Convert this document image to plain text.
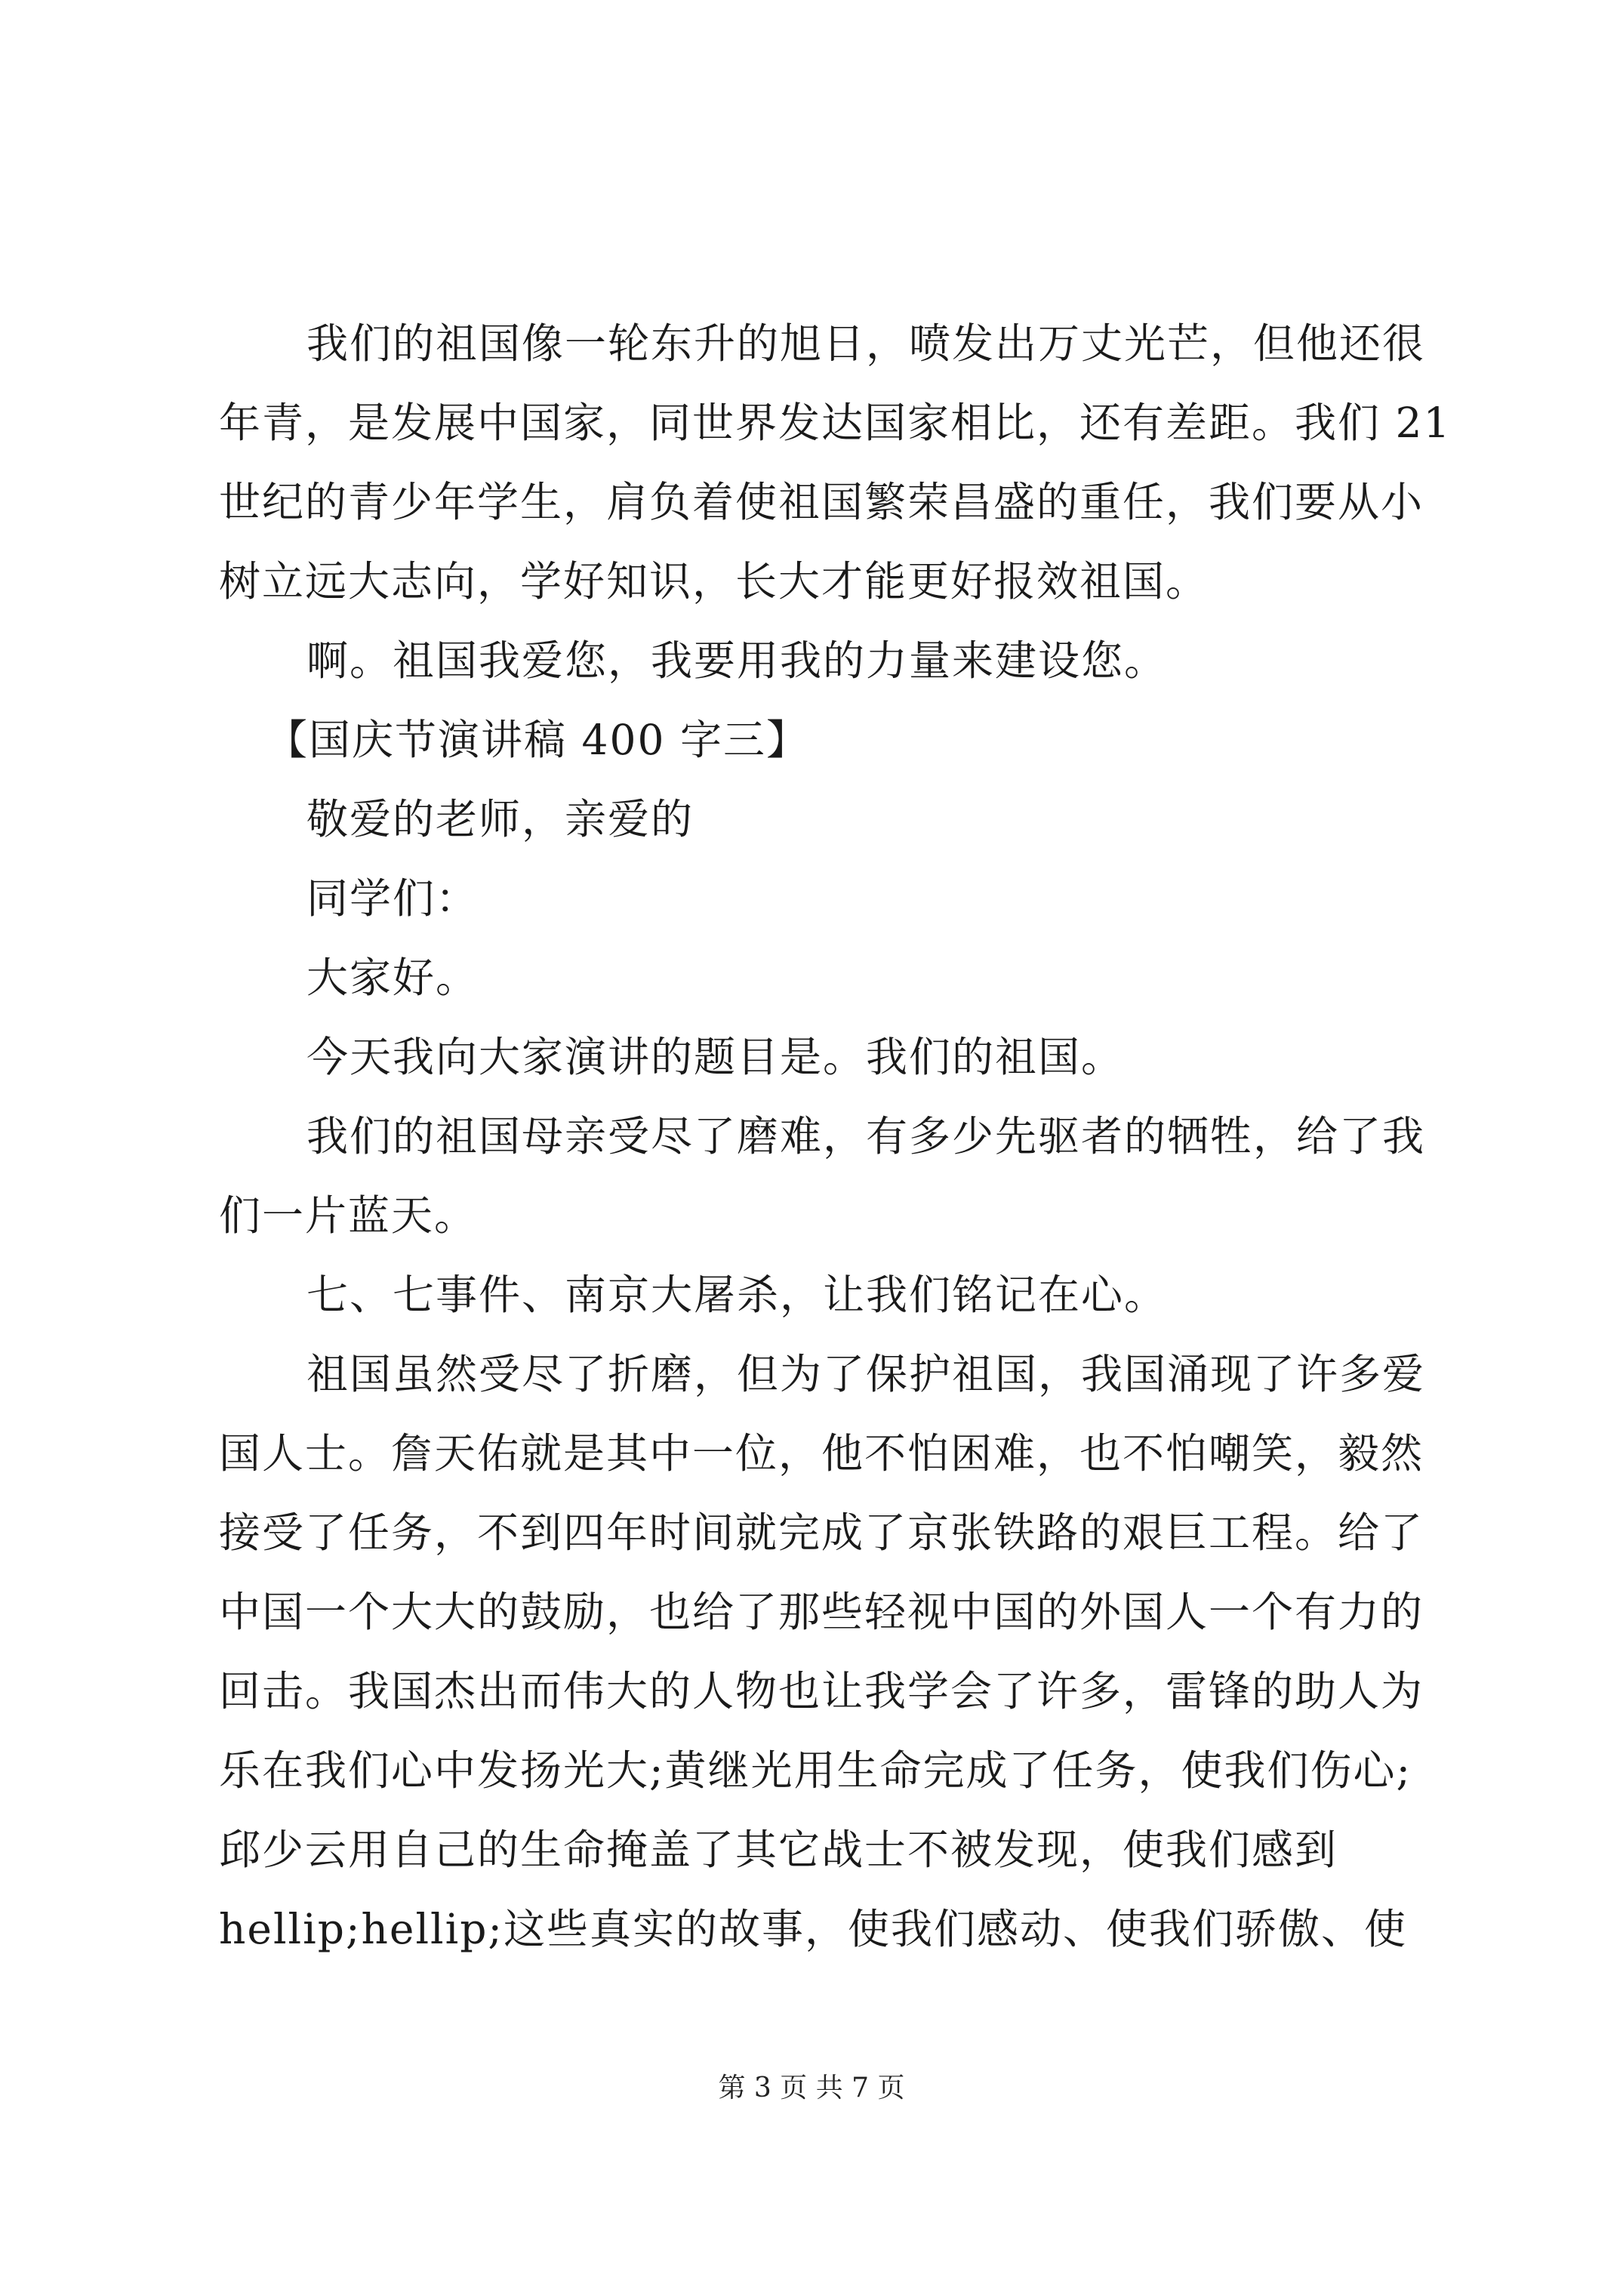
我们的祖国像一轮东升的旭日，喷发出万丈光芒，但他还很
年青，是发展中国家，同世界发达国家相比，还有差距。我们 21
世纪的青少年学生，肩负着使祖国繁荣昌盛的重任，我们要从小
树立远大志向，学好知识，长大才能更好报效祖国。
啊。祖国我爱您，我要用我的力量来建设您。
【国庆节演讲稿 400 字三】
敬爱的老师，亲爱的
同学们：
大家好。
今天我向大家演讲的题目是。我们的祖国。
我们的祖国母亲受尽了磨难，有多少先驱者的牺牲，给了我
们一片蓝天。
七、七事件、南京大屠杀，让我们铭记在心。
祖国虽然受尽了折磨，但为了保护祖国，我国涌现了许多爱
国人士。詹天佑就是其中一位，他不怕困难，也不怕嘲笑，毅然
接受了任务，不到四年时间就完成了京张铁路的艰巨工程。给了
中国一个大大的鼓励，也给了那些轻视中国的外国人一个有力的
回击。我国杰出而伟大的人物也让我学会了许多，雷锋的助人为
乐在我们心中发扬光大;黄继光用生命完成了任务，使我们伤心;
邱少云用自己的生命掩盖了其它战士不被发现，使我们感到
hellip;hellip;这些真实的故事，使我们感动、使我们骄傲、使
第 3 页 共 7 页
